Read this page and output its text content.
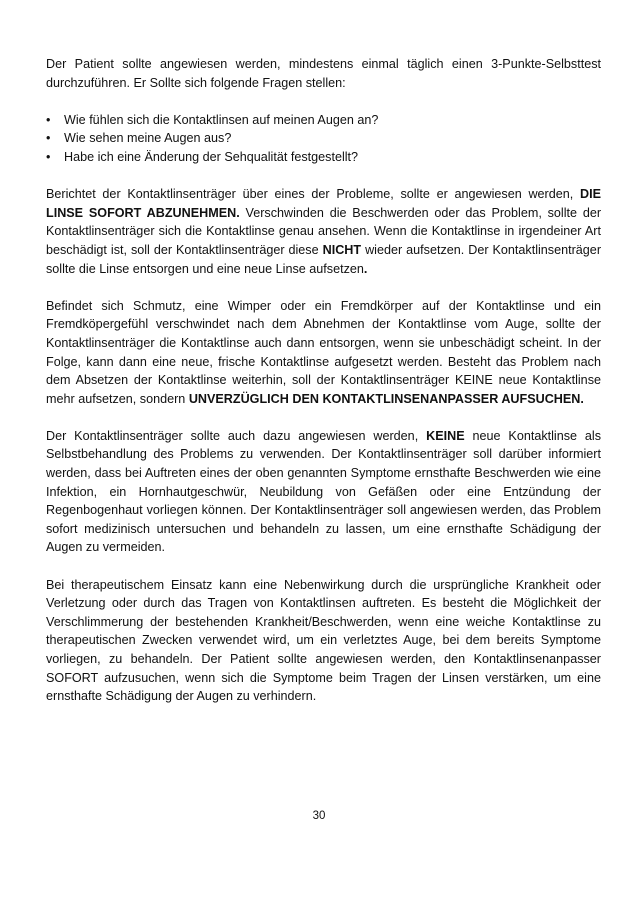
Der Patient sollte angewiesen werden, mindestens einmal täglich einen 3-Punkte-Selbsttest durchzuführen. Er Sollte sich folgende Fragen stellen:

• Wie fühlen sich die Kontaktlinsen auf meinen Augen an?
• Wie sehen meine Augen aus?
• Habe ich eine Änderung der Sehqualität festgestellt?

Berichtet der Kontaktlinsenträger über eines der Probleme, sollte er angewiesen werden, DIE LINSE SOFORT ABZUNEHMEN. Verschwinden die Beschwerden oder das Problem, sollte der Kontaktlinsenträger sich die Kontaktlinse genau ansehen. Wenn die Kontaktlinse in irgendeiner Art beschädigt ist, soll der Kontaktlinsenträger diese NICHT wieder aufsetzen. Der Kontaktlinsenträger sollte die Linse entsorgen und eine neue Linse aufsetzen.

Befindet sich Schmutz, eine Wimper oder ein Fremdkörper auf der Kontaktlinse und ein Fremdköpergefühl verschwindet nach dem Abnehmen der Kontaktlinse vom Auge, sollte der Kontaktlinsenträger die Kontaktlinse auch dann entsorgen, wenn sie unbeschädigt scheint. In der Folge, kann dann eine neue, frische Kontaktlinse aufgesetzt werden. Besteht das Problem nach dem Absetzen der Kontaktlinse weiterhin, soll der Kontaktlinsenträger KEINE neue Kontaktlinse mehr aufsetzen, sondern UNVERZÜGLICH DEN KONTAKTLINSENANPASSER AUFSUCHEN.

Der Kontaktlinsenträger sollte auch dazu angewiesen werden, KEINE neue Kontaktlinse als Selbstbehandlung des Problems zu verwenden. Der Kontaktlinsenträger soll darüber informiert werden, dass bei Auftreten eines der oben genannten Symptome ernsthafte Beschwerden wie eine Infektion, ein Hornhautgeschwür, Neubildung von Gefäßen oder eine Entzündung der Regenbogenhaut vorliegen können. Der Kontaktlinsenträger soll angewiesen werden, das Problem sofort medizinisch untersuchen und behandeln zu lassen, um eine ernsthafte Schädigung der Augen zu vermeiden.

Bei therapeutischem Einsatz kann eine Nebenwirkung durch die ursprüngliche Krankheit oder Verletzung oder durch das Tragen von Kontaktlinsen auftreten. Es besteht die Möglichkeit der Verschlimmerung der bestehenden Krankheit/Beschwerden, wenn eine weiche Kontaktlinse zu therapeutischen Zwecken verwendet wird, um ein verletztes Auge, bei dem bereits Symptome vorliegen, zu behandeln. Der Patient sollte angewiesen werden, den Kontaktlinsenanpasser SOFORT aufzusuchen, wenn sich die Symptome beim Tragen der Linsen verstärken, um eine ernsthafte Schädigung der Augen zu verhindern.

30
